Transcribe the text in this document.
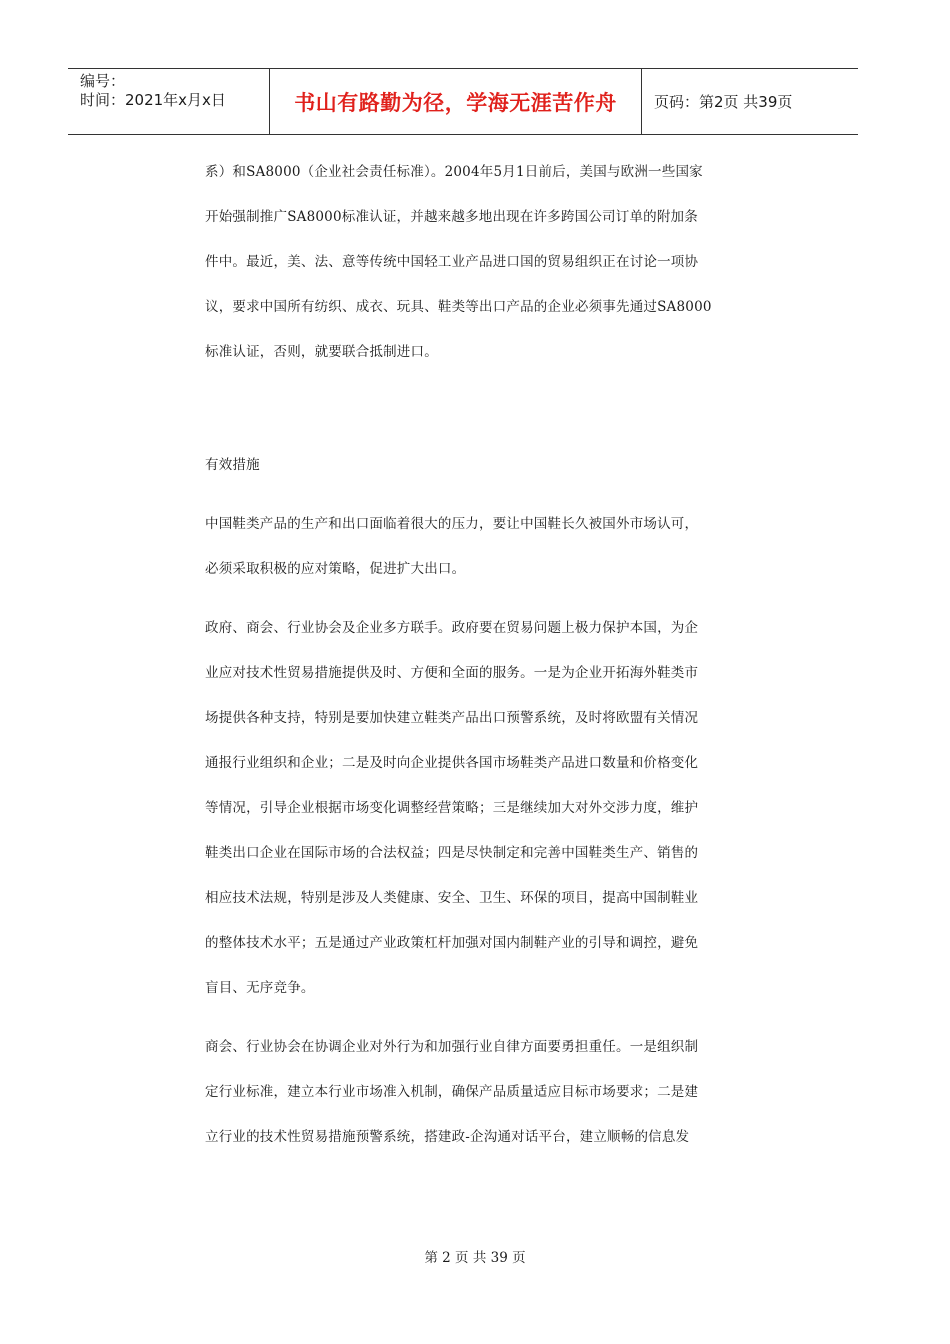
编号：
时间：2021年x月x日	书山有路勤为径，学海无涯苦作舟	页码：第2页 共39页

系）和SA8000（企业社会责任标准）。2004年5月1日前后，美国与欧洲一些国家

开始强制推广SA8000标准认证，并越来越多地出现在许多跨国公司订单的附加条

件中。最近，美、法、意等传统中国轻工业产品进口国的贸易组织正在讨论一项协

议，要求中国所有纺织、成衣、玩具、鞋类等出口产品的企业必须事先通过SA8000

标准认证，否则，就要联合抵制进口。

有效措施

中国鞋类产品的生产和出口面临着很大的压力，要让中国鞋长久被国外市场认可，

必须采取积极的应对策略，促进扩大出口。

政府、商会、行业协会及企业多方联手。政府要在贸易问题上极力保护本国，为企

业应对技术性贸易措施提供及时、方便和全面的服务。一是为企业开拓海外鞋类市

场提供各种支持，特别是要加快建立鞋类产品出口预警系统，及时将欧盟有关情况

通报行业组织和企业；二是及时向企业提供各国市场鞋类产品进口数量和价格变化

等情况，引导企业根据市场变化调整经营策略；三是继续加大对外交涉力度，维护

鞋类出口企业在国际市场的合法权益；四是尽快制定和完善中国鞋类生产、销售的

相应技术法规，特别是涉及人类健康、安全、卫生、环保的项目，提高中国制鞋业

的整体技术水平；五是通过产业政策杠杆加强对国内制鞋产业的引导和调控，避免

盲目、无序竞争。

商会、行业协会在协调企业对外行为和加强行业自律方面要勇担重任。一是组织制

定行业标准，建立本行业市场准入机制，确保产品质量适应目标市场要求；二是建

立行业的技术性贸易措施预警系统，搭建政-企沟通对话平台，建立顺畅的信息发

第 2 页 共 39 页
